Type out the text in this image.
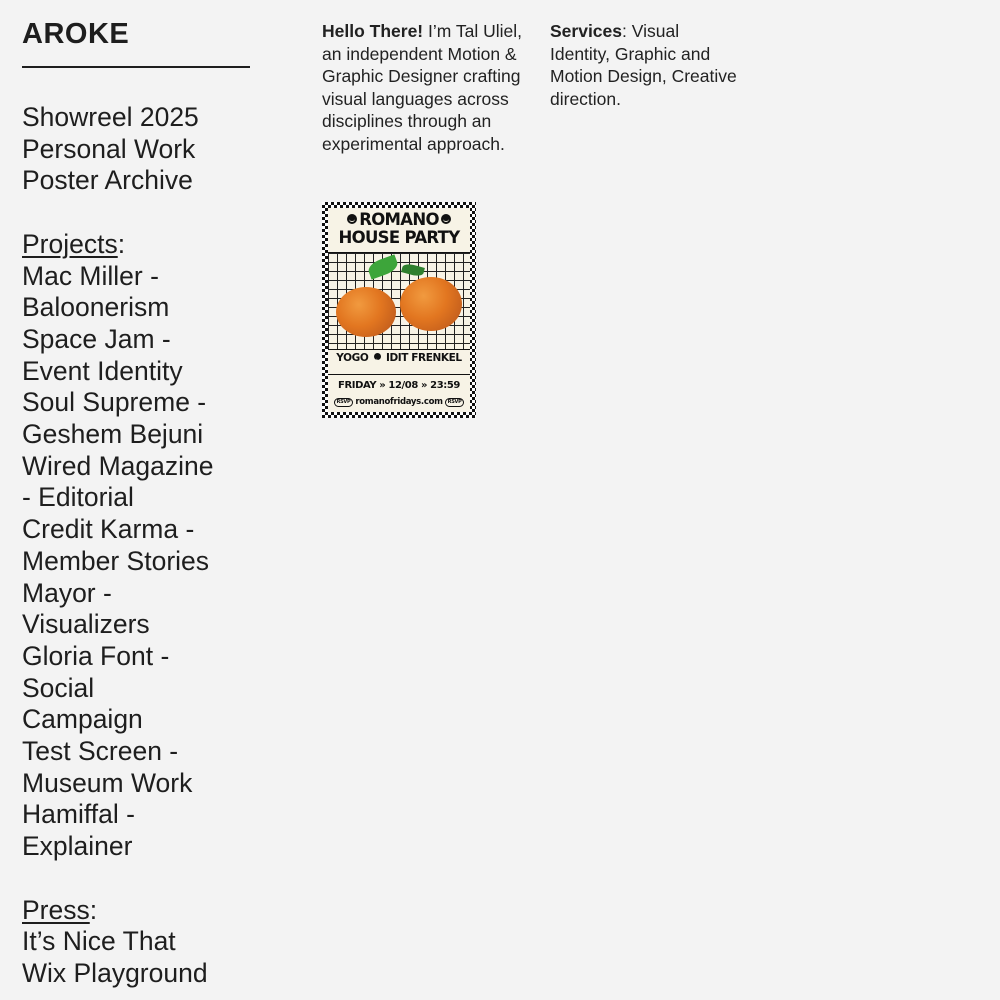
AROKE
Showreel 2025
Personal Work
Poster Archive
Projects:
Mac Miller -
Baloonerism
Space Jam -
Event Identity
Soul Supreme -
Geshem Bejuni
Wired Magazine
- Editorial
Credit Karma -
Member Stories
Mayor -
Visualizers
Gloria Font -
Social
Campaign
Test Screen -
Museum Work
Hamiffal -
Explainer
Press:
It’s Nice That
Wix Playground
Hello There! I’m Tal Uliel, an independent Motion & Graphic Designer crafting visual languages across disciplines through an experimental approach.
Services: Visual Identity, Graphic and Motion Design, Creative direction.
ROMANO
HOUSE PARTY
YOGO IDIT FRENKEL
FRIDAY » 12/08 » 23:59
RSVP romanofridays.com RSVP
